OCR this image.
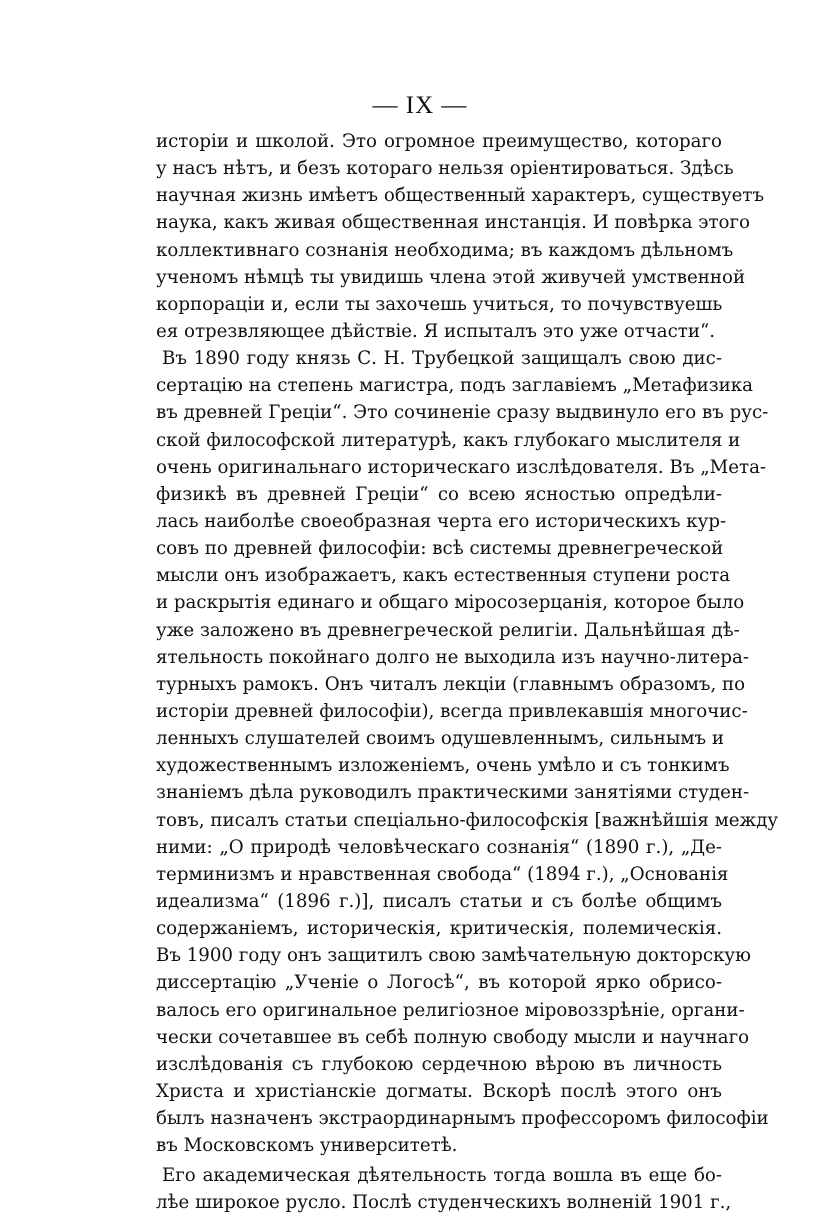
— IX —
исторіи и школой. Это огромное преимущество, котораго
у насъ нѣтъ, и безъ котораго нельзя оріентироваться. Здѣсь
научная жизнь имѣетъ общественный характеръ, существуетъ
наука, какъ живая общественная инстанція. И повѣрка этого
коллективнаго сознанія необходима; въ каждомъ дѣльномъ
ученомъ нѣмцѣ ты увидишь члена этой живучей умственной
корпораціи и, если ты захочешь учиться, то почувствуешь
ея отрезвляющее дѣйствіе. Я испыталъ это уже отчасти“.
Въ 1890 году князь С. Н. Трубецкой защищалъ свою дис-
сертацію на степень магистра, подъ заглавіемъ „Метафизика
въ древней Греціи“. Это сочиненіе сразу выдвинуло его въ рус-
ской философской литературѣ, какъ глубокаго мыслителя и
очень оригинальнаго историческаго изслѣдователя. Въ „Мета-
физикѣ въ древней Греціи“ со всею ясностью опредѣли-
лась наиболѣе своеобразная черта его историческихъ кур-
совъ по древней философіи: всѣ системы древнегреческой
мысли онъ изображаетъ, какъ естественныя ступени роста
и раскрытія единаго и общаго міросозерцанія, которое было
уже заложено въ древнегреческой религіи. Дальнѣйшая дѣ-
ятельность покойнаго долго не выходила изъ научно-литера-
турныхъ рамокъ. Онъ читалъ лекціи (главнымъ образомъ, по
исторіи древней философіи), всегда привлекавшія многочис-
ленныхъ слушателей своимъ одушевленнымъ, сильнымъ и
художественнымъ изложеніемъ, очень умѣло и съ тонкимъ
знаніемъ дѣла руководилъ практическими занятіями студен-
товъ, писалъ статьи спеціально-философскія [важнѣйшія между
ними: „О природѣ человѣческаго сознанія“ (1890 г.), „Де-
терминизмъ и нравственная свобода“ (1894 г.), „Основанія
идеализма“ (1896 г.)], писалъ статьи и съ болѣе общимъ
содержаніемъ, историческія, критическія, полемическія.
Въ 1900 году онъ защитилъ свою замѣчательную докторскую
диссертацію „Ученіе о Логосѣ“, въ которой ярко обрисо-
валось его оригинальное религіозное міровоззрѣніе, органи-
чески сочетавшее въ себѣ полную свободу мысли и научнаго
изслѣдованія съ глубокою сердечною вѣрою въ личность
Христа и христіанскіе догматы. Вскорѣ послѣ этого онъ
былъ назначенъ экстраординарнымъ профессоромъ философіи
въ Московскомъ университетѣ.
Его академическая дѣятельность тогда вошла въ еще бо-
лѣе широкое русло. Послѣ студенческихъ волненій 1901 г.,
